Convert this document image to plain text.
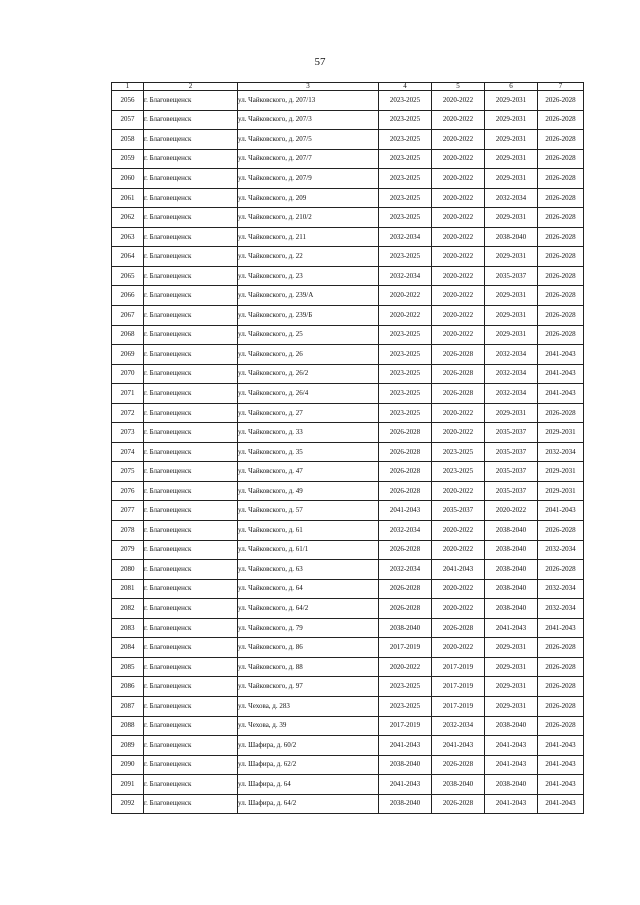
57
1	2	3	4	5	6	7
2056	г. Благовещенск	ул. Чайковского, д. 207/13	2023-2025	2020-2022	2029-2031	2026-2028
2057	г. Благовещенск	ул. Чайковского, д. 207/3	2023-2025	2020-2022	2029-2031	2026-2028
2058	г. Благовещенск	ул. Чайковского, д. 207/5	2023-2025	2020-2022	2029-2031	2026-2028
2059	г. Благовещенск	ул. Чайковского, д. 207/7	2023-2025	2020-2022	2029-2031	2026-2028
2060	г. Благовещенск	ул. Чайковского, д. 207/9	2023-2025	2020-2022	2029-2031	2026-2028
2061	г. Благовещенск	ул. Чайковского, д. 209	2023-2025	2020-2022	2032-2034	2026-2028
2062	г. Благовещенск	ул. Чайковского, д. 210/2	2023-2025	2020-2022	2029-2031	2026-2028
2063	г. Благовещенск	ул. Чайковского, д. 211	2032-2034	2020-2022	2038-2040	2026-2028
2064	г. Благовещенск	ул. Чайковского, д. 22	2023-2025	2020-2022	2029-2031	2026-2028
2065	г. Благовещенск	ул. Чайковского, д. 23	2032-2034	2020-2022	2035-2037	2026-2028
2066	г. Благовещенск	ул. Чайковского, д. 239/А	2020-2022	2020-2022	2029-2031	2026-2028
2067	г. Благовещенск	ул. Чайковского, д. 239/Б	2020-2022	2020-2022	2029-2031	2026-2028
2068	г. Благовещенск	ул. Чайковского, д. 25	2023-2025	2020-2022	2029-2031	2026-2028
2069	г. Благовещенск	ул. Чайковского, д. 26	2023-2025	2026-2028	2032-2034	2041-2043
2070	г. Благовещенск	ул. Чайковского, д. 26/2	2023-2025	2026-2028	2032-2034	2041-2043
2071	г. Благовещенск	ул. Чайковского, д. 26/4	2023-2025	2026-2028	2032-2034	2041-2043
2072	г. Благовещенск	ул. Чайковского, д. 27	2023-2025	2020-2022	2029-2031	2026-2028
2073	г. Благовещенск	ул. Чайковского, д. 33	2026-2028	2020-2022	2035-2037	2029-2031
2074	г. Благовещенск	ул. Чайковского, д. 35	2026-2028	2023-2025	2035-2037	2032-2034
2075	г. Благовещенск	ул. Чайковского, д. 47	2026-2028	2023-2025	2035-2037	2029-2031
2076	г. Благовещенск	ул. Чайковского, д. 49	2026-2028	2020-2022	2035-2037	2029-2031
2077	г. Благовещенск	ул. Чайковского, д. 57	2041-2043	2035-2037	2020-2022	2041-2043
2078	г. Благовещенск	ул. Чайковского, д. 61	2032-2034	2020-2022	2038-2040	2026-2028
2079	г. Благовещенск	ул. Чайковского, д. 61/1	2026-2028	2020-2022	2038-2040	2032-2034
2080	г. Благовещенск	ул. Чайковского, д. 63	2032-2034	2041-2043	2038-2040	2026-2028
2081	г. Благовещенск	ул. Чайковского, д. 64	2026-2028	2020-2022	2038-2040	2032-2034
2082	г. Благовещенск	ул. Чайковского, д. 64/2	2026-2028	2020-2022	2038-2040	2032-2034
2083	г. Благовещенск	ул. Чайковского, д. 79	2038-2040	2026-2028	2041-2043	2041-2043
2084	г. Благовещенск	ул. Чайковского, д. 86	2017-2019	2020-2022	2029-2031	2026-2028
2085	г. Благовещенск	ул. Чайковского, д. 88	2020-2022	2017-2019	2029-2031	2026-2028
2086	г. Благовещенск	ул. Чайковского, д. 97	2023-2025	2017-2019	2029-2031	2026-2028
2087	г. Благовещенск	ул. Чехова, д. 283	2023-2025	2017-2019	2029-2031	2026-2028
2088	г. Благовещенск	ул. Чехова, д. 39	2017-2019	2032-2034	2038-2040	2026-2028
2089	г. Благовещенск	ул. Шафира, д. 60/2	2041-2043	2041-2043	2041-2043	2041-2043
2090	г. Благовещенск	ул. Шафира, д. 62/2	2038-2040	2026-2028	2041-2043	2041-2043
2091	г. Благовещенск	ул. Шафира, д. 64	2041-2043	2038-2040	2038-2040	2041-2043
2092	г. Благовещенск	ул. Шафира, д. 64/2	2038-2040	2026-2028	2041-2043	2041-2043
